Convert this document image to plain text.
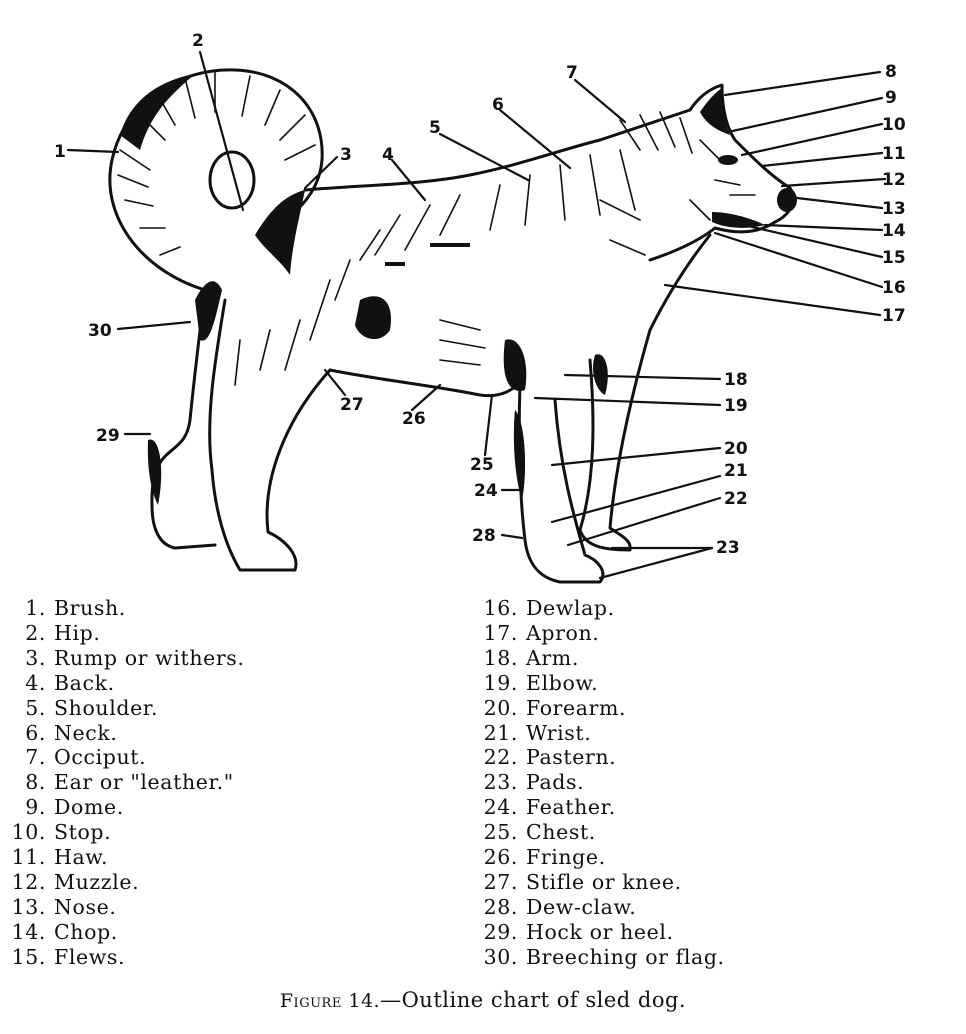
1
2
3 4
5
6
7	8
9
10
11
12
13
14
15
16
17
18
19
20
21
22
23
24
25
26
27
28
29
30
1. Brush.
2. Hip.
3. Rump or withers.
4. Back.
5. Shoulder.
6. Neck.
7. Occiput.
8. Ear or "leather."
9. Dome.
10. Stop.
11. Haw.
12. Muzzle.
13. Nose.
14. Chop.
15. Flews.
16. Dewlap.
17. Apron.
18. Arm.
19. Elbow.
20. Forearm.
21. Wrist.
22. Pastern.
23. Pads.
24. Feather.
25. Chest.
26. Fringe.
27. Stifle or knee.
28. Dew-claw.
29. Hock or heel.
30. Breeching or flag.
Figure 14.—Outline chart of sled dog.
